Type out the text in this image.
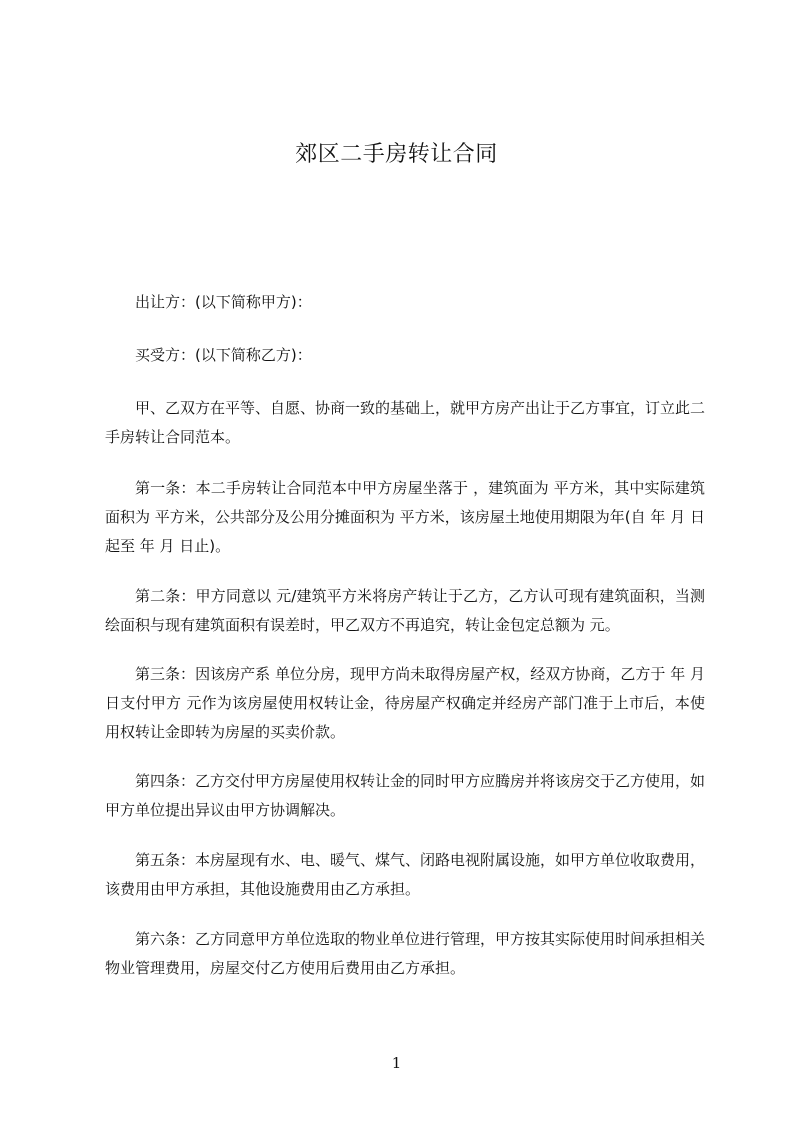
郊区二手房转让合同

出让方：(以下简称甲方)：

买受方：(以下简称乙方)：

甲、乙双方在平等、自愿、协商一致的基础上，就甲方房产出让于乙方事宜，订立此二手房转让合同范本。

第一条：本二手房转让合同范本中甲方房屋坐落于 ，建筑面为 平方米，其中实际建筑面积为 平方米，公共部分及公用分摊面积为 平方米，该房屋土地使用期限为年(自 年 月 日起至 年 月 日止)。

第二条：甲方同意以 元/建筑平方米将房产转让于乙方，乙方认可现有建筑面积，当测绘面积与现有建筑面积有误差时，甲乙双方不再追究，转让金包定总额为 元。

第三条：因该房产系 单位分房，现甲方尚未取得房屋产权，经双方协商，乙方于 年 月 日支付甲方 元作为该房屋使用权转让金，待房屋产权确定并经房产部门准于上市后，本使用权转让金即转为房屋的买卖价款。

第四条：乙方交付甲方房屋使用权转让金的同时甲方应腾房并将该房交于乙方使用，如甲方单位提出异议由甲方协调解决。

第五条：本房屋现有水、电、暖气、煤气、闭路电视附属设施，如甲方单位收取费用，该费用由甲方承担，其他设施费用由乙方承担。

第六条：乙方同意甲方单位选取的物业单位进行管理，甲方按其实际使用时间承担相关物业管理费用，房屋交付乙方使用后费用由乙方承担。

1
